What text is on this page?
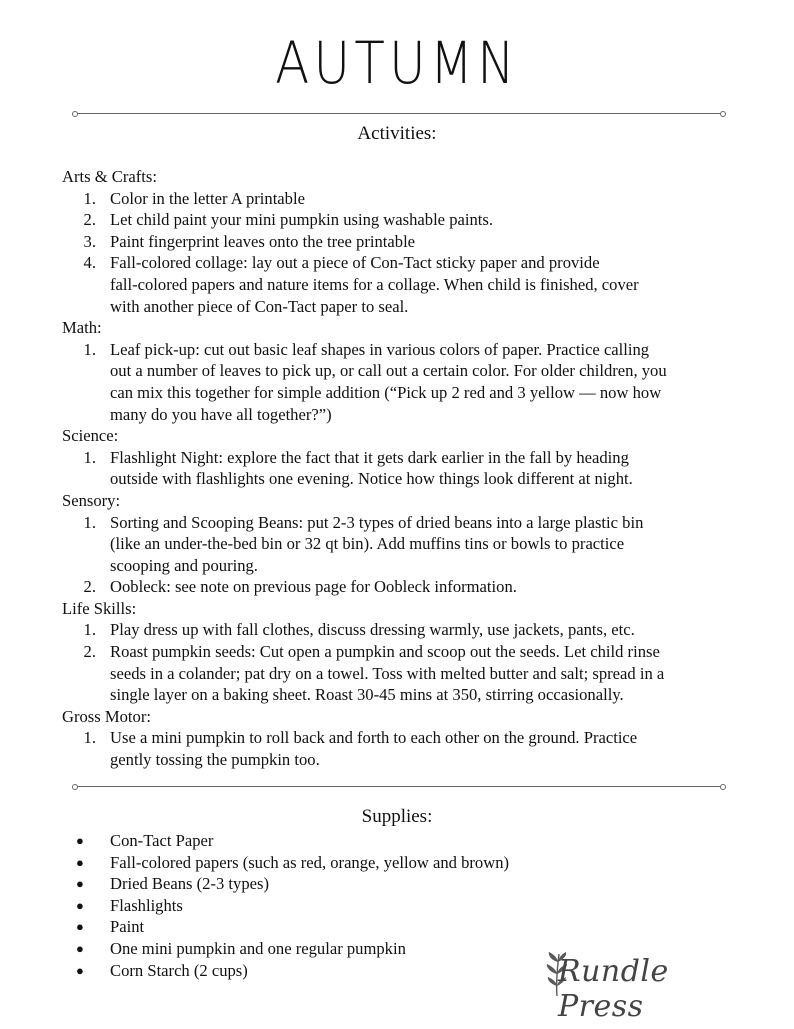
AUTUMN
Activities:
Arts & Crafts:
1. Color in the letter A printable
2. Let child paint your mini pumpkin using washable paints.
3. Paint fingerprint leaves onto the tree printable
4. Fall-colored collage: lay out a piece of Con-Tact sticky paper and provide
fall-colored papers and nature items for a collage. When child is finished, cover
with another piece of Con-Tact paper to seal.
Math:
1. Leaf pick-up: cut out basic leaf shapes in various colors of paper. Practice calling
out a number of leaves to pick up, or call out a certain color. For older children, you
can mix this together for simple addition (“Pick up 2 red and 3 yellow — now how
many do you have all together?”)
Science:
1. Flashlight Night: explore the fact that it gets dark earlier in the fall by heading
outside with flashlights one evening. Notice how things look different at night.
Sensory:
1. Sorting and Scooping Beans: put 2-3 types of dried beans into a large plastic bin
(like an under-the-bed bin or 32 qt bin). Add muffins tins or bowls to practice
scooping and pouring.
2. Oobleck: see note on previous page for Oobleck information.
Life Skills:
1. Play dress up with fall clothes, discuss dressing warmly, use jackets, pants, etc.
2. Roast pumpkin seeds: Cut open a pumpkin and scoop out the seeds. Let child rinse
seeds in a colander; pat dry on a towel. Toss with melted butter and salt; spread in a
single layer on a baking sheet. Roast 30-45 mins at 350, stirring occasionally.
Gross Motor:
1. Use a mini pumpkin to roll back and forth to each other on the ground. Practice
gently tossing the pumpkin too.
Supplies:
● Con-Tact Paper
● Fall-colored papers (such as red, orange, yellow and brown)
● Dried Beans (2-3 types)
● Flashlights
● Paint
● One mini pumpkin and one regular pumpkin
● Corn Starch (2 cups)	Rundle Press
